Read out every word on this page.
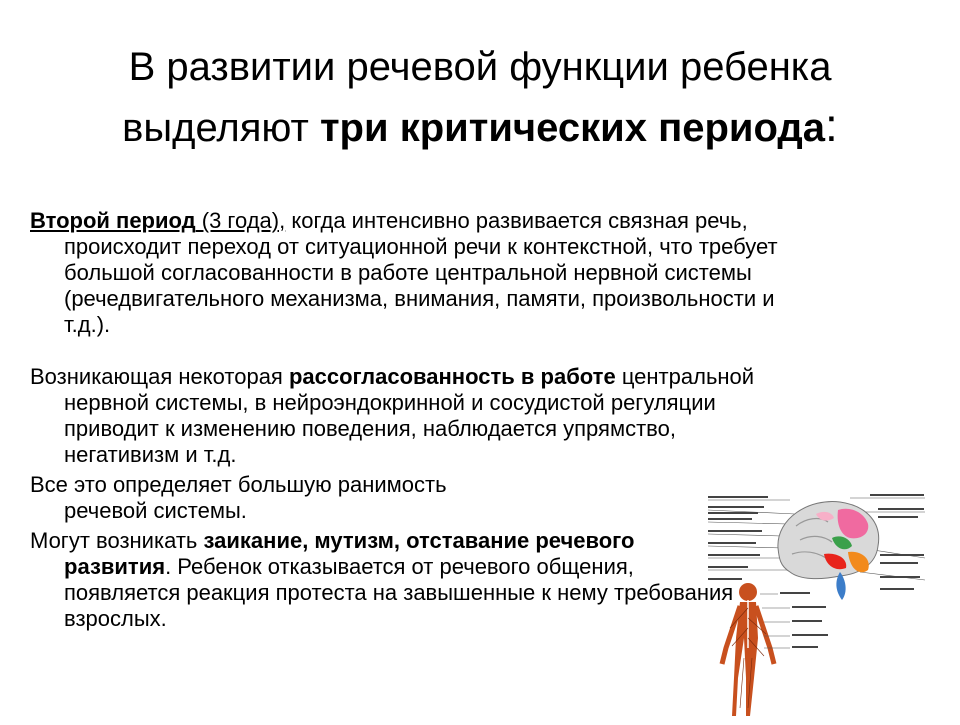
В развитии речевой функции ребенка
выделяют три критических периода:
Второй период (3 года), когда интенсивно развивается связная речь, происходит переход от ситуационной речи к контекстной, что требует большой согласованности в работе центральной нервной системы (речедвигательного механизма, внимания, памяти, произвольности и т.д.).
Возникающая некоторая рассогласованность в работе центральной нервной системы, в нейроэндокринной и сосудистой регуляции приводит к изменению поведения, наблюдается упрямство, негативизм и т.д.
Все это определяет большую ранимость речевой системы.
Могут возникать заикание, мутизм, отставание речевого развития. Ребенок отказывается от речевого общения, появляется реакция протеста на завышенные к нему требования взрослых.
